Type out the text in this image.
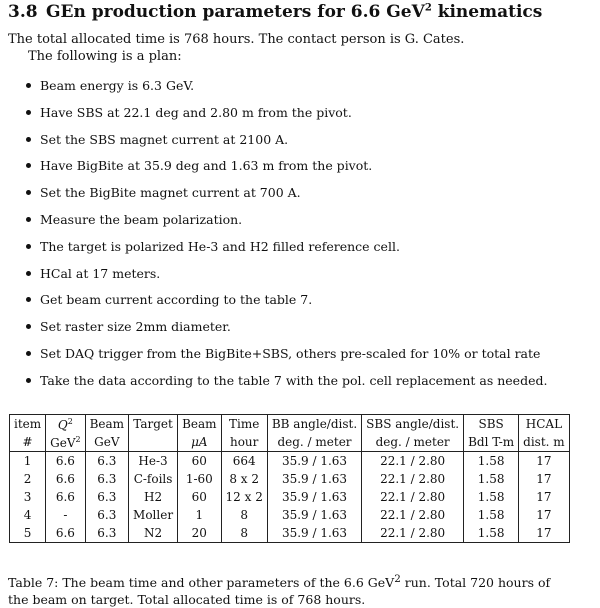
3.8 GEn production parameters for 6.6 GeV$^2$ kinematics
The total allocated time is 768 hours. The contact person is G. Cates.
The following is a plan:
Beam energy is 6.3 GeV.
Have SBS at 22.1 deg and 2.80 m from the pivot.
Set the SBS magnet current at 2100 A.
Have BigBite at 35.9 deg and 1.63 m from the pivot.
Set the BigBite magnet current at 700 A.
Measure the beam polarization.
The target is polarized He-3 and H2 filled reference cell.
HCal at 17 meters.
Get beam current according to the table 7.
Set raster size 2mm diameter.
Set DAQ trigger from the BigBite+SBS, others pre-scaled for 10% or total rate
Take the data according to the table 7 with the pol. cell replacement as needed.
item	$Q^2$	Beam	Target	Beam	Time	BB angle/dist.	SBS angle/dist.	SBS	HCAL
#	GeV$^2$	GeV		μA	hour	deg. / meter	deg. / meter	Bdl T-m	dist. m
1	6.6	6.3	He-3	60	664	35.9 / 1.63	22.1 / 2.80	1.58	17
2	6.6	6.3	C-foils	1-60	8 x 2	35.9 / 1.63	22.1 / 2.80	1.58	17
3	6.6	6.3	H2	60	12 x 2	35.9 / 1.63	22.1 / 2.80	1.58	17
4	-	6.3	Moller	1	8	35.9 / 1.63	22.1 / 2.80	1.58	17
5	6.6	6.3	N2	20	8	35.9 / 1.63	22.1 / 2.80	1.58	17
Table 7: The beam time and other parameters of the 6.6 GeV$^2$ run. Total 720 hours of the beam on target. Total allocated time is of 768 hours.
